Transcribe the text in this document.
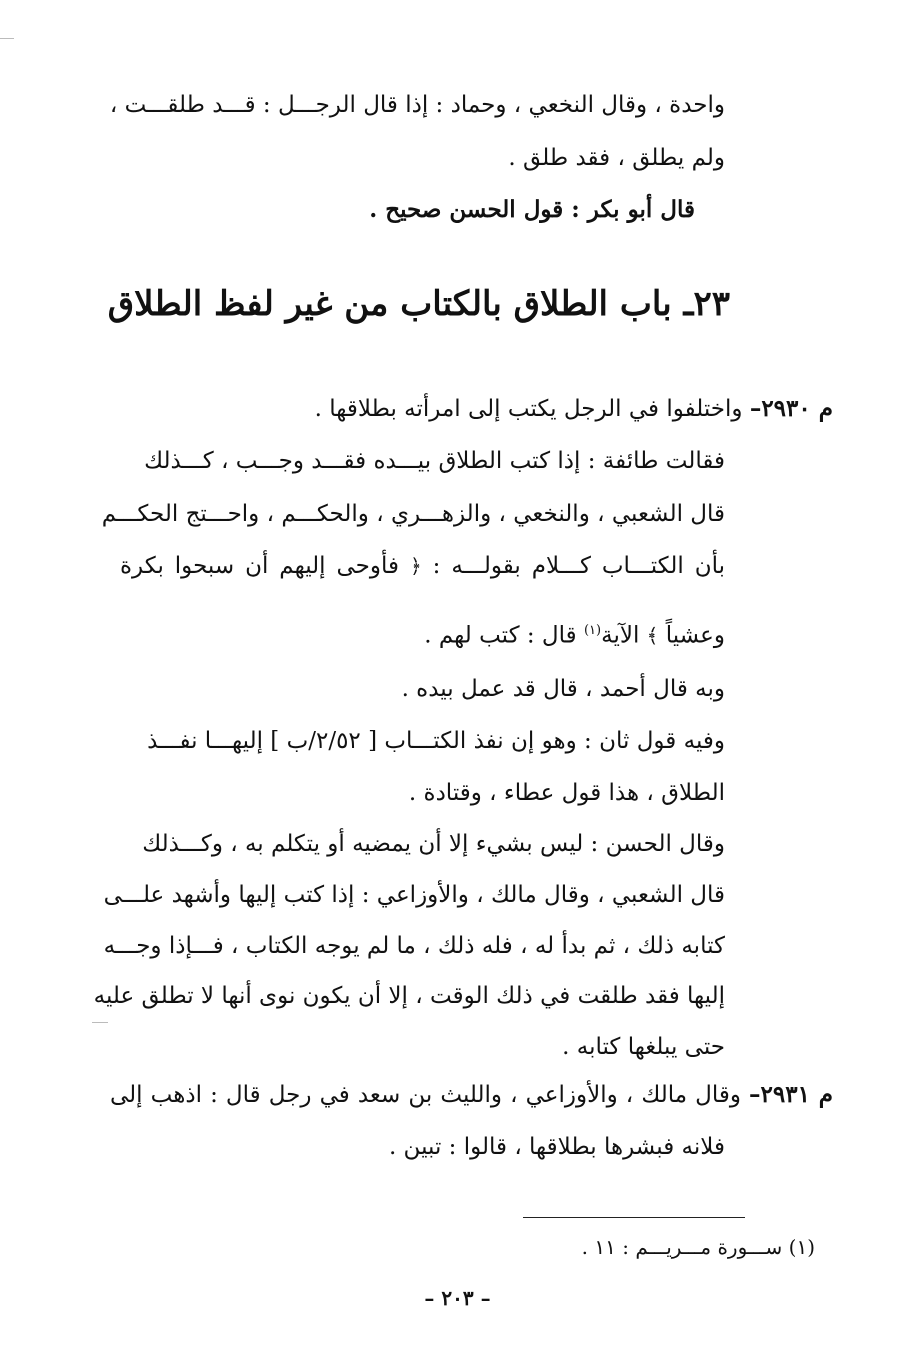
واحدة ، وقال النخعي ، وحماد : إذا قال الرجـــل : قـــد طلقـــت ،
ولم يطلق ، فقد طلق .
قال أبو بكر : قول الحسن صحيح .
٢٣ـ باب الطلاق بالكتاب من غير لفظ الطلاق
م ٢٩٣٠– واختلفوا في الرجل يكتب إلى امرأته بطلاقها .
فقالت طائفة : إذا كتب الطلاق بيـــده فقـــد وجـــب ، كـــذلك
قال الشعبي ، والنخعي ، والزهـــري ، والحكـــم ، واحـــتج الحكـــم
بأن الكتـــاب كـــلام بقولـــه : ﴿ فأوحى إليهم أن سبحوا بكرة
وعشياً ﴾ الآية$^{(١)}$ قال : كتب لهم .
وبه قال أحمد ، قال قد عمل بيده .
وفيه قول ثان : وهو إن نفذ الكتـــاب [ ٢/٥٢/ب ] إليهـــا نفـــذ
الطلاق ، هذا قول عطاء ، وقتادة .
وقال الحسن : ليس بشيء إلا أن يمضيه أو يتكلم به ، وكـــذلك
قال الشعبي ، وقال مالك ، والأوزاعي : إذا كتب إليها وأشهد علـــى
كتابه ذلك ، ثم بدأ له ، فله ذلك ، ما لم يوجه الكتاب ، فـــإذا وجـــه
إليها فقد طلقت في ذلك الوقت ، إلا أن يكون نوى أنها لا تطلق عليه
حتى يبلغها كتابه .
م ٢٩٣١– وقال مالك ، والأوزاعي ، والليث بن سعد في رجل قال : اذهب إلى
فلانه فبشرها بطلاقها ، قالوا : تبين .
(١) ســـورة مـــريـــم : ١١ .
– ٢٠٣ –
